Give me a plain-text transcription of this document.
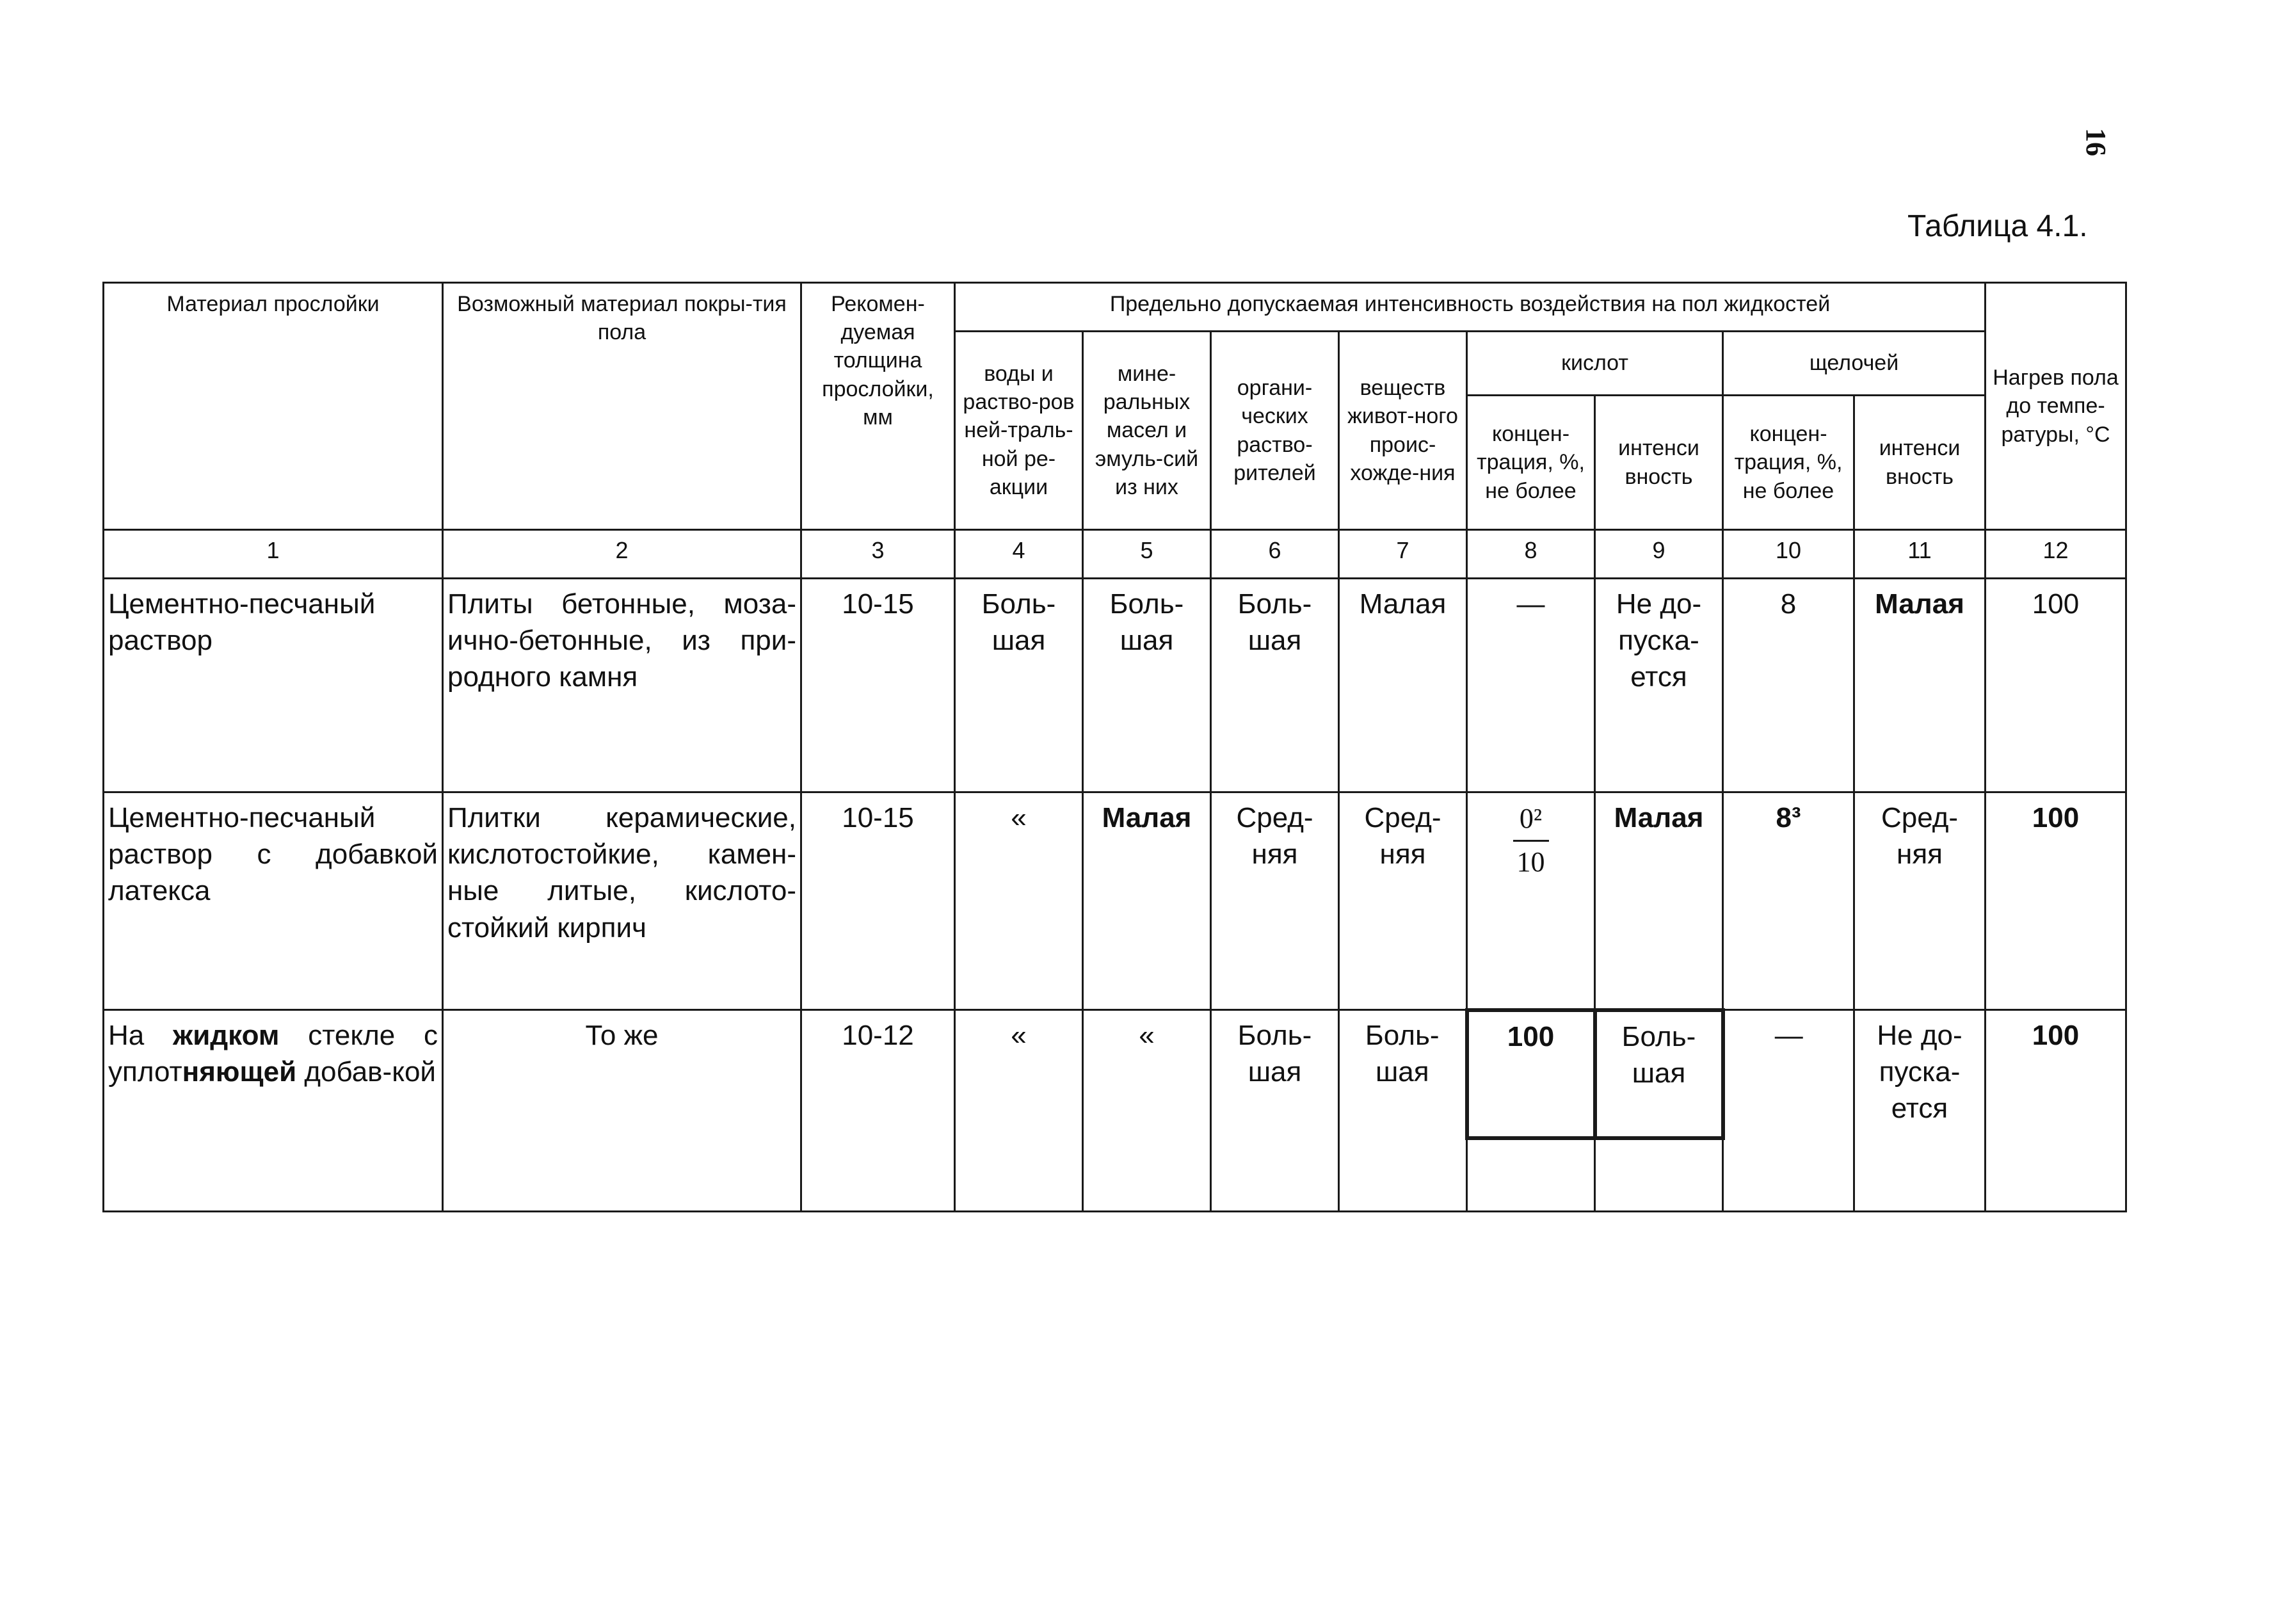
16
Таблица 4.1.
Материал прослойки	Возможный материал покры-тия пола	Рекомен-дуемая толщина прослойки, мм	Предельно допускаемая интенсивность воздействия на пол жидкостей								Нагрев пола до темпе-ратуры, °С
			воды и раство-ров ней-траль-ной ре-акции	мине-ральных масел и эмуль-сий из них	органи-ческих раство-рителей	веществ живот-ного проис-хожде-ния	кислот		щелочей		
							концен-трация, %, не более	интенси вность	концен-трация, %, не более	интенси вность	
1	2	3	4	5	6	7	8	9	10	11	12
Цементно-песчаный раствор	Плиты бетонные, моза-ично-бетонные, из при-родного камня	10-15	Боль-шая	Боль-шая	Боль-шая	Малая	—	Не до-пуска-ется	8	Малая	100
Цементно-песчаный раствор с добавкой латекса	Плитки керамические, кислотостойкие, камен-ные литые, кислото-стойкий кирпич	10-15	«	Малая	Сред-няя	Сред-няя	$\frac{\text{0²}}{10}$	Малая	8³	Сред-няя	100
На жидком стекле с уплотняющей добав-кой	То же	10-12	«	«	Боль-шая	Боль-шая	100	Боль-шая	—	Не до-пуска-ется	100
